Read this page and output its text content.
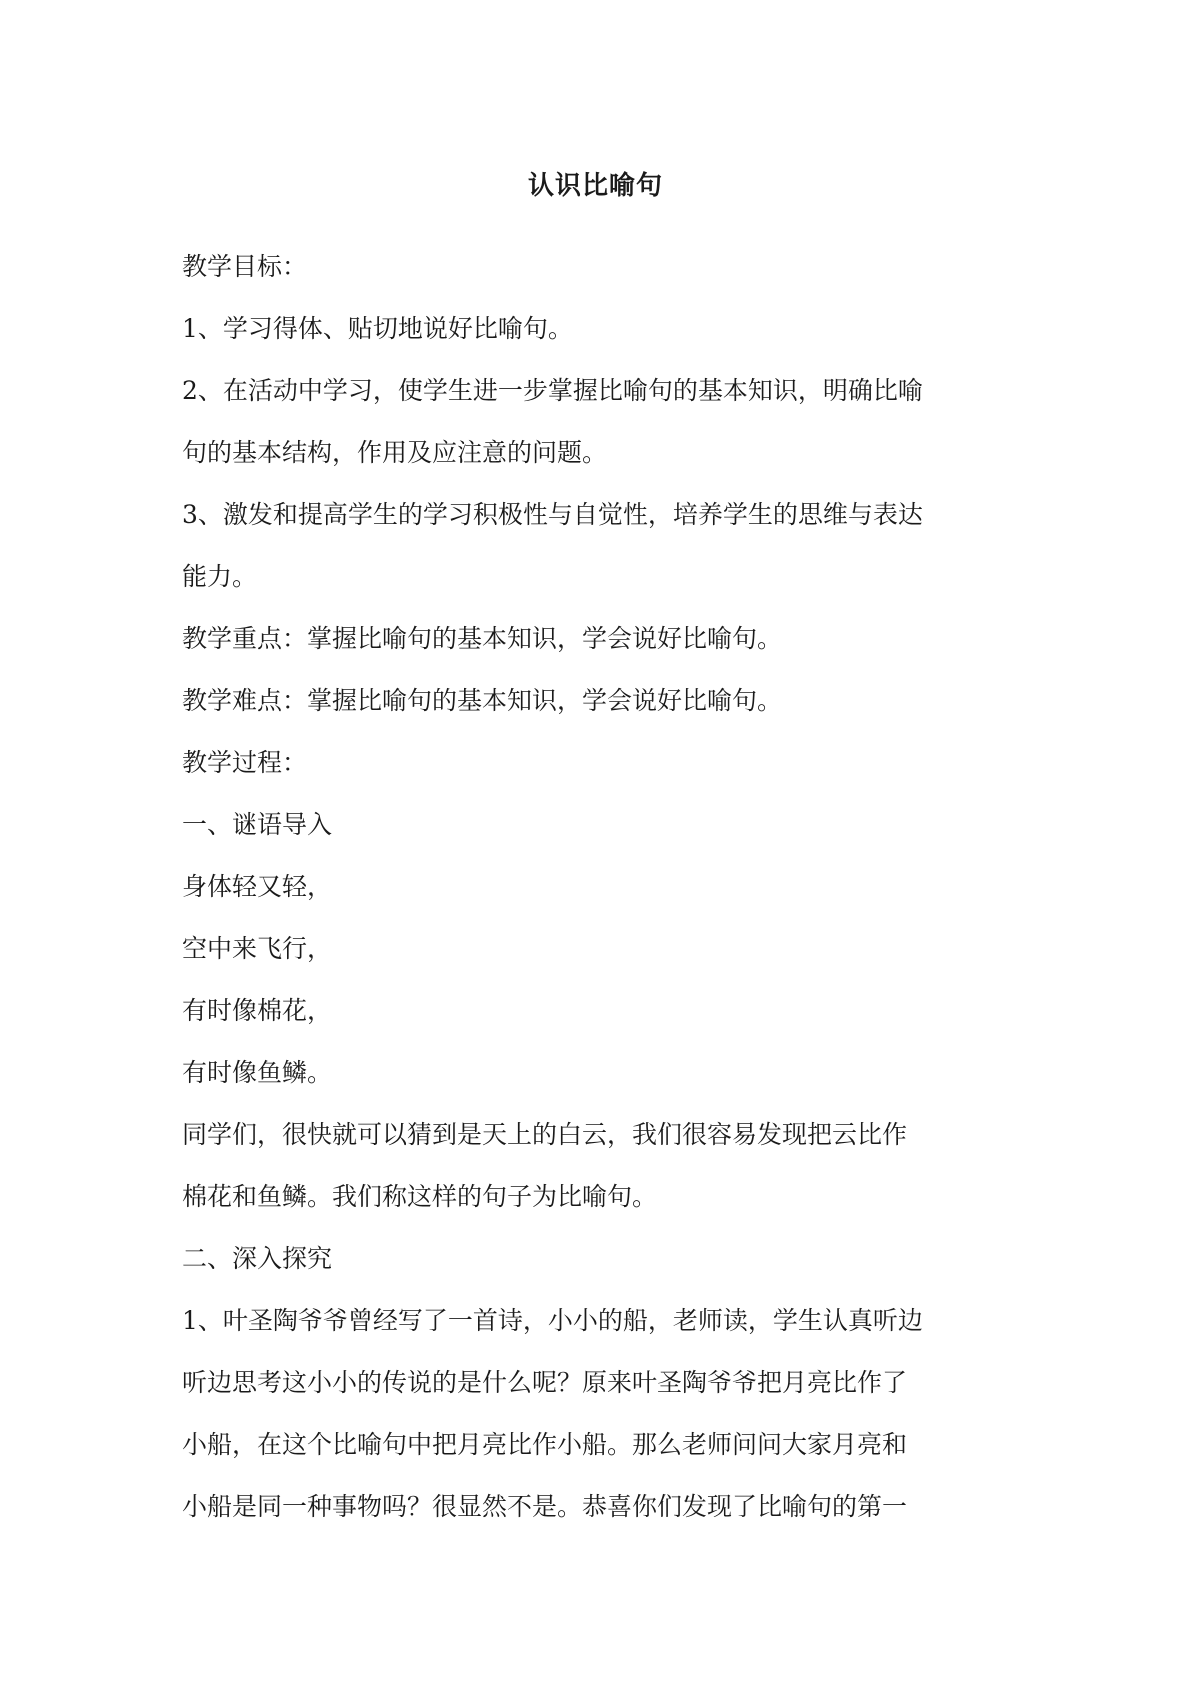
认识比喻句
教学目标：
1、学习得体、贴切地说好比喻句。
2、在活动中学习，使学生进一步掌握比喻句的基本知识，明确比喻
句的基本结构，作用及应注意的问题。
3、激发和提高学生的学习积极性与自觉性，培养学生的思维与表达
能力。
教学重点：掌握比喻句的基本知识，学会说好比喻句。
教学难点：掌握比喻句的基本知识，学会说好比喻句。
教学过程：
一、谜语导入
身体轻又轻，
空中来飞行，
有时像棉花，
有时像鱼鳞。
同学们，很快就可以猜到是天上的白云，我们很容易发现把云比作
棉花和鱼鳞。我们称这样的句子为比喻句。
二、深入探究
1、叶圣陶爷爷曾经写了一首诗，小小的船，老师读，学生认真听边
听边思考这小小的传说的是什么呢？原来叶圣陶爷爷把月亮比作了
小船，在这个比喻句中把月亮比作小船。那么老师问问大家月亮和
小船是同一种事物吗？很显然不是。恭喜你们发现了比喻句的第一
